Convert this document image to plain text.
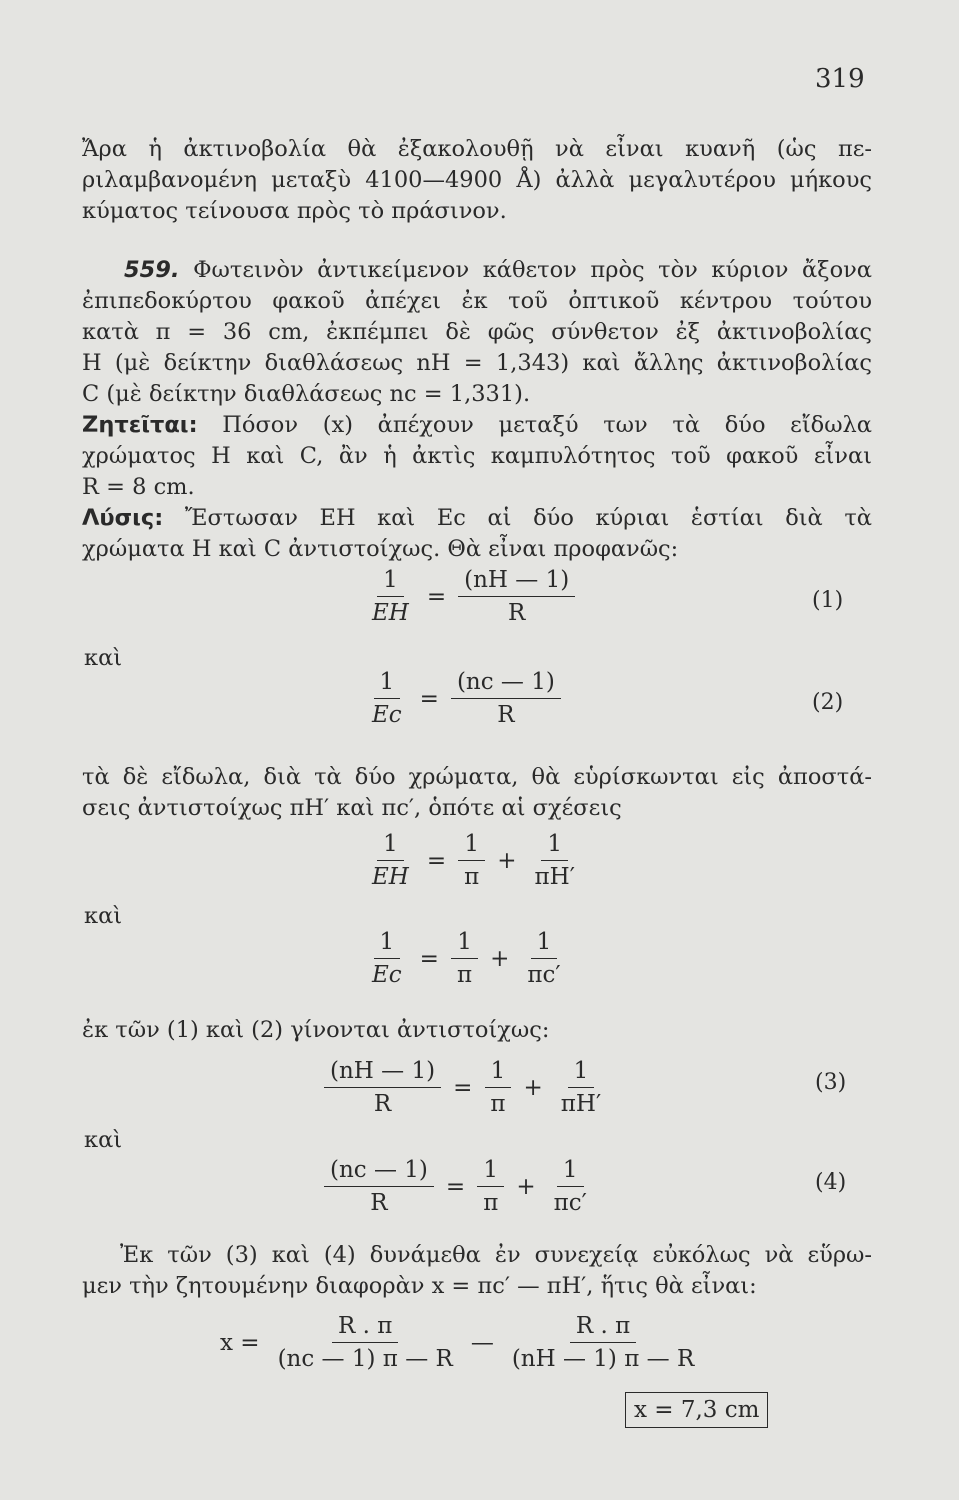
319
Ἄρα ἡ ἀκτινοβολία θὰ ἐξακολουθῇ νὰ εἶναι κυανῆ (ὡς πε-
ριλαμβανομένη μεταξὺ 4100—4900 Å) ἀλλὰ μεγαλυτέρου μήκους
κύματος τείνουσα πρὸς τὸ πράσινον.
559. Φωτεινὸν ἀντικείμενον κάθετον πρὸς τὸν κύριον ἄξονα
ἐπιπεδοκύρτου φακοῦ ἀπέχει ἐκ τοῦ ὀπτικοῦ κέντρου τούτου
κατὰ π = 36 cm, ἐκπέμπει δὲ φῶς σύνθετον ἐξ ἀκτινοβολίας
H (μὲ δείκτην διαθλάσεως nH = 1,343) καὶ ἄλλης ἀκτινοβολίας
C (μὲ δείκτην διαθλάσεως nc = 1,331).
Ζητεῖται: Πόσον (x) ἀπέχουν μεταξύ των τὰ δύο εἴδωλα
χρώματος H καὶ C, ἂν ἡ ἀκτὶς καμπυλότητος τοῦ φακοῦ εἶναι
R = 8 cm.
Λύσις: Ἔστωσαν EH καὶ Ec αἱ δύο κύριαι ἑστίαι διὰ τὰ
χρώματα H καὶ C ἀντιστοίχως. Θὰ εἶναι προφανῶς:
$\frac{1}{EH} = \frac{(nH — 1)}{R}$	(1)
καὶ
$\frac{1}{Ec} = \frac{(nc — 1)}{R}$	(2)
τὰ δὲ εἴδωλα, διὰ τὰ δύο χρώματα, θὰ εὑρίσκωνται εἰς ἀποστά-
σεις ἀντιστοίχως πH′ καὶ πc′, ὁπότε αἱ σχέσεις
$\frac{1}{EH} = \frac{1}{\pi} + \frac{1}{\pi H'}$
καὶ
$\frac{1}{Ec} = \frac{1}{\pi} + \frac{1}{\pi c'}$
ἐκ τῶν (1) καὶ (2) γίνονται ἀντιστοίχως:
$\frac{(nH — 1)}{R} = \frac{1}{\pi} + \frac{1}{\pi H'}$	(3)
καὶ
$\frac{(nc — 1)}{R} = \frac{1}{\pi} + \frac{1}{\pi c'}$	(4)
Ἐκ τῶν (3) καὶ (4) δυνάμεθα ἐν συνεχείᾳ εὐκόλως νὰ εὕρω-
μεν τὴν ζητουμένην διαφορὰν x = πc′ — πH′, ἥτις θὰ εἶναι:
$x = \frac{R . \pi}{(nc — 1) \pi — R}$ — $\frac{R . \pi}{(nH — 1) \pi — R}$
x = 7,3 cm
